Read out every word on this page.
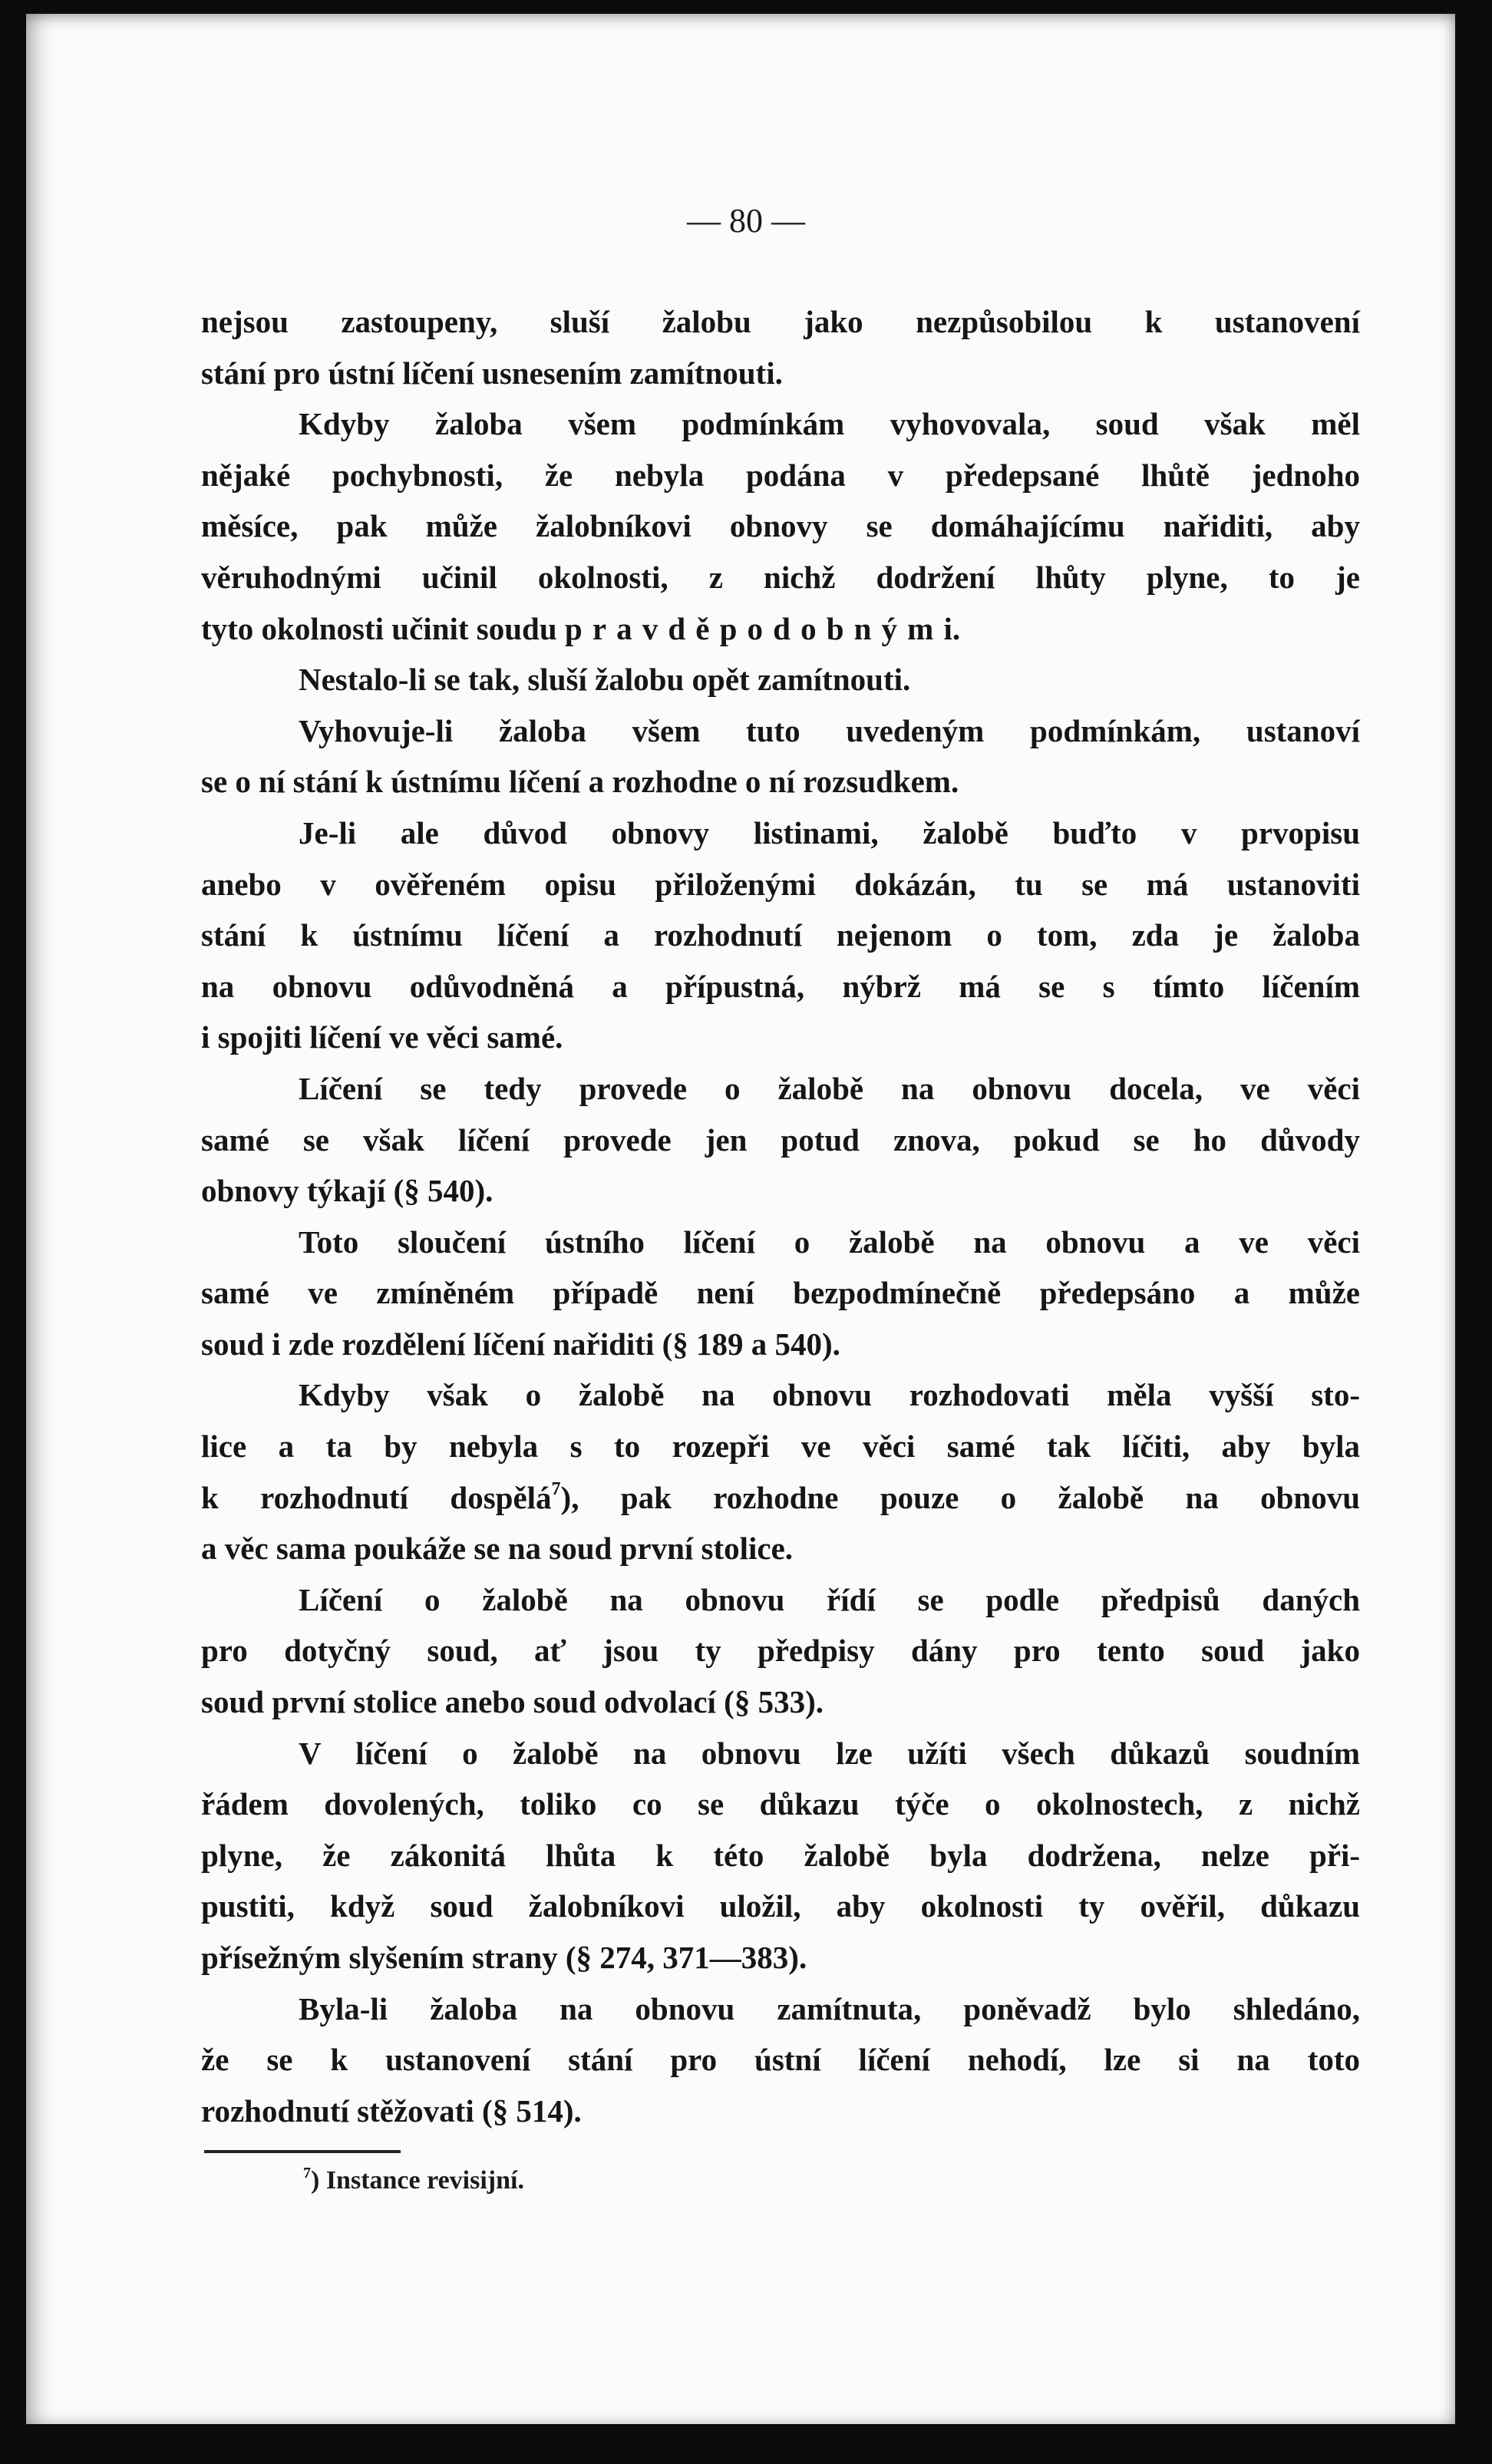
— 80 —
nejsou zastoupeny, sluší žalobu jako nezpůsobilou k ustanovení
stání pro ústní líčení usnesením zamítnouti.
Kdyby žaloba všem podmínkám vyhovovala, soud však měl
nějaké pochybnosti, že nebyla podána v předepsané lhůtě jednoho
měsíce, pak může žalobníkovi obnovy se domáhajícímu nařiditi, aby
věruhodnými učinil okolnosti, z nichž dodržení lhůty plyne, to je
tyto okolnosti učinit soudu pravděpodobnými.
Nestalo-li se tak, sluší žalobu opět zamítnouti.
Vyhovuje-li žaloba všem tuto uvedeným podmínkám, ustanoví
se o ní stání k ústnímu líčení a rozhodne o ní rozsudkem.
Je-li ale důvod obnovy listinami, žalobě buďto v prvopisu
anebo v ověřeném opisu přiloženými dokázán, tu se má ustanoviti
stání k ústnímu líčení a rozhodnutí nejenom o tom, zda je žaloba
na obnovu odůvodněná a přípustná, nýbrž má se s tímto líčením
i spojiti líčení ve věci samé.
Líčení se tedy provede o žalobě na obnovu docela, ve věci
samé se však líčení provede jen potud znova, pokud se ho důvody
obnovy týkají (§ 540).
Toto sloučení ústního líčení o žalobě na obnovu a ve věci
samé ve zmíněném případě není bezpodmínečně předepsáno a může
soud i zde rozdělení líčení nařiditi (§ 189 a 540).
Kdyby však o žalobě na obnovu rozhodovati měla vyšší sto-
lice a ta by nebyla s to rozepři ve věci samé tak líčiti, aby byla
k rozhodnutí dospělá$^7$), pak rozhodne pouze o žalobě na obnovu
a věc sama poukáže se na soud první stolice.
Líčení o žalobě na obnovu řídí se podle předpisů daných
pro dotyčný soud, ať jsou ty předpisy dány pro tento soud jako
soud první stolice anebo soud odvolací (§ 533).
V líčení o žalobě na obnovu lze užíti všech důkazů soudním
řádem dovolených, toliko co se důkazu týče o okolnostech, z nichž
plyne, že zákonitá lhůta k této žalobě byla dodržena, nelze při-
pustiti, když soud žalobníkovi uložil, aby okolnosti ty ověřil, důkazu
přísežným slyšením strany (§ 274, 371—383).
Byla-li žaloba na obnovu zamítnuta, poněvadž bylo shledáno,
že se k ustanovení stání pro ústní líčení nehodí, lze si na toto
rozhodnutí stěžovati (§ 514).
$^7$) Instance revisijní.
